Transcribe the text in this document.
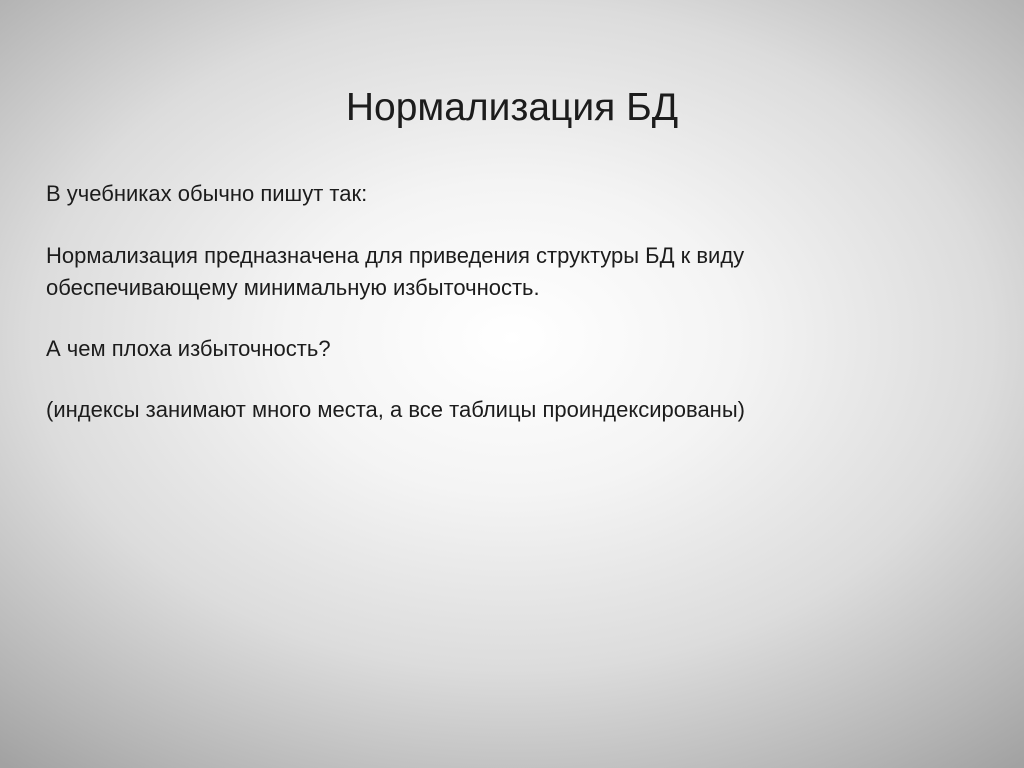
Нормализация БД

В учебниках обычно пишут так:

Нормализация предназначена для приведения структуры БД к виду
обеспечивающему минимальную избыточность.

А чем плоха избыточность?

(индексы занимают много места, а все таблицы проиндексированы)
